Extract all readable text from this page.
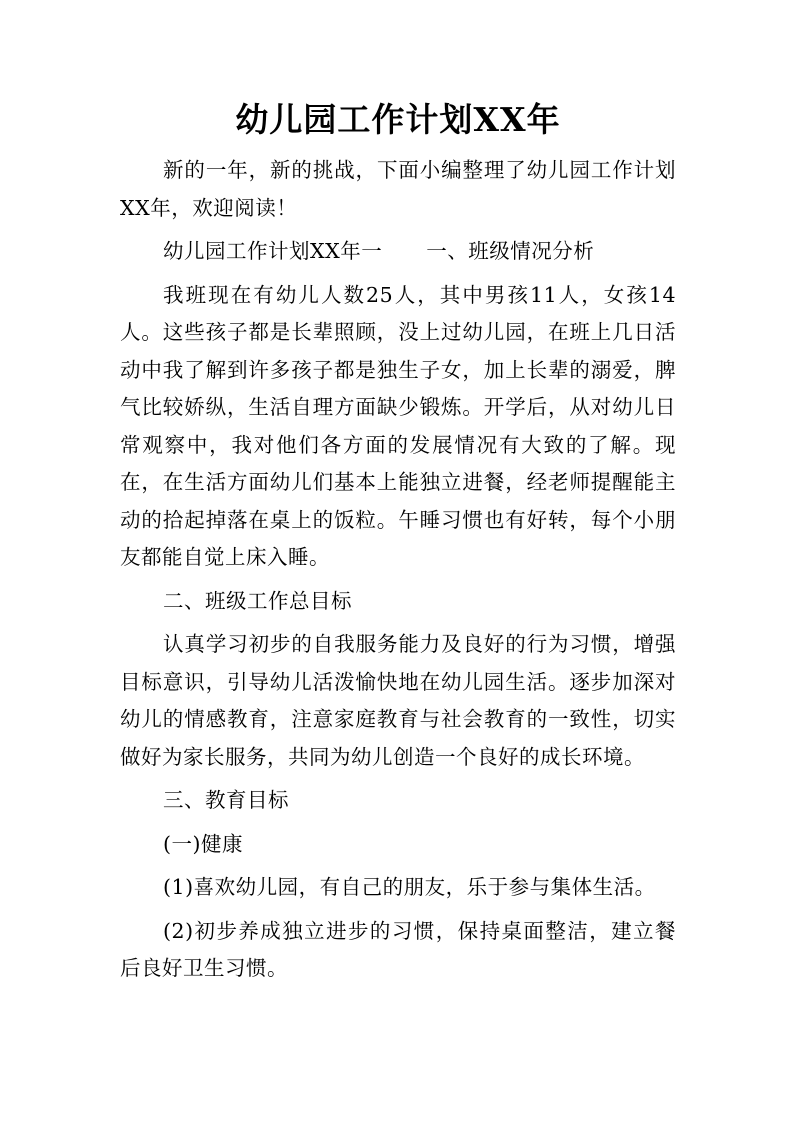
幼儿园工作计划XX年

新的一年，新的挑战，下面小编整理了幼儿园工作计划XX年，欢迎阅读！

幼儿园工作计划XX年一 一、班级情况分析

我班现在有幼儿人数25人，其中男孩11人，女孩14人。这些孩子都是长辈照顾，没上过幼儿园，在班上几日活动中我了解到许多孩子都是独生子女，加上长辈的溺爱，脾气比较娇纵，生活自理方面缺少锻炼。开学后，从对幼儿日常观察中，我对他们各方面的发展情况有大致的了解。现在，在生活方面幼儿们基本上能独立进餐，经老师提醒能主动的拾起掉落在桌上的饭粒。午睡习惯也有好转，每个小朋友都能自觉上床入睡。

二、班级工作总目标

认真学习初步的自我服务能力及良好的行为习惯，增强目标意识，引导幼儿活泼愉快地在幼儿园生活。逐步加深对幼儿的情感教育，注意家庭教育与社会教育的一致性，切实做好为家长服务，共同为幼儿创造一个良好的成长环境。

三、教育目标

(一)健康

(1)喜欢幼儿园，有自己的朋友，乐于参与集体生活。

(2)初步养成独立进步的习惯，保持桌面整洁，建立餐后良好卫生习惯。
